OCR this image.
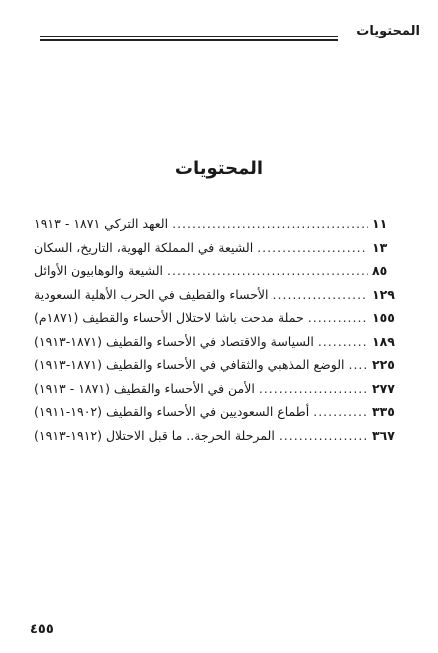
المحتويات
المحتويات
العهد التركي ١٨٧١ - ١٩١٣ .....	١١
الشيعة في المملكة الهوية، التاريخ، السكان .....	١٣
الشيعة والوهابيون الأوائل .....	٨٥
الأحساء والقطيف في الحرب الأهلية السعودية .....	١٢٩
حملة مدحت باشا لاحتلال الأحساء والقطيف (١٨٧١م) .....	١٥٥
السياسة والاقتصاد في الأحساء والقطيف (١٨٧١-١٩١٣) .....	١٨٩
الوضع المذهبي والثقافي في الأحساء والقطيف (١٨٧١-١٩١٣) ..... ٢٢٥
الأمن في الأحساء والقطيف (١٨٧١ - ١٩١٣) .....	٢٧٧
أطماع السعوديين في الأحساء والقطيف (١٩٠٢-١٩١١) .....	٣٣٥
المرحلة الحرجة.. ما قبل الاحتلال (١٩١٢-١٩١٣) .....	٣٦٧
٤٥٥
